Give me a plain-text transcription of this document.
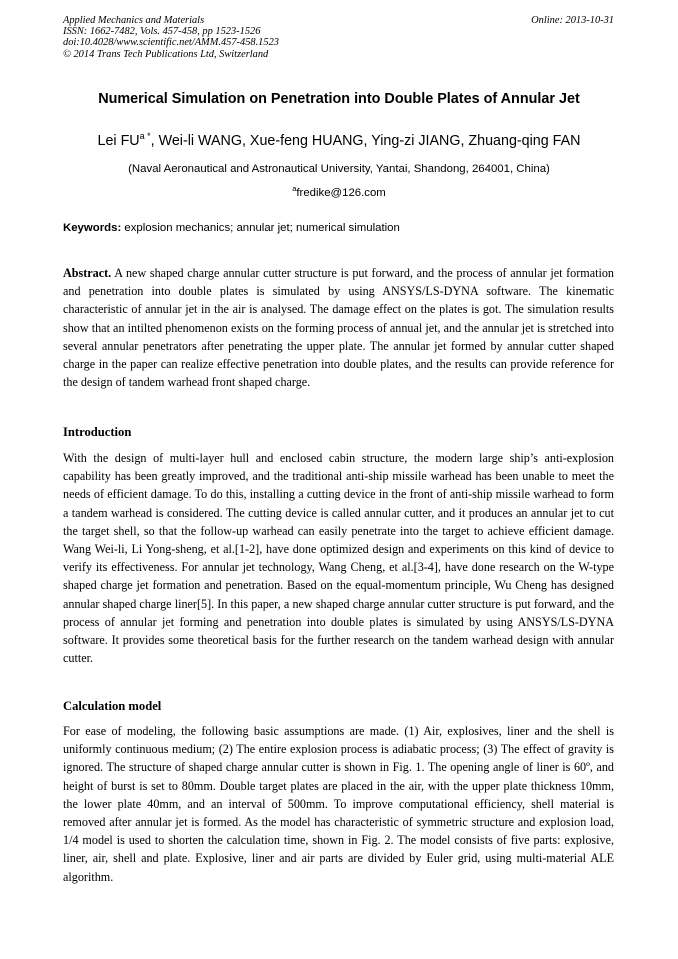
Applied Mechanics and Materials
ISSN: 1662-7482, Vols. 457-458, pp 1523-1526
doi:10.4028/www.scientific.net/AMM.457-458.1523
© 2014 Trans Tech Publications Ltd, Switzerland
Online: 2013-10-31
Numerical Simulation on Penetration into Double Plates of Annular Jet
Lei $FU^{a *}$, Wei-li WANG, Xue-feng HUANG, Ying-zi JIANG, Zhuang-qing FAN
(Naval Aeronautical and Astronautical University, Yantai, Shandong, 264001, China)
$^a$fredike@126.com
Keywords: explosion mechanics; annular jet; numerical simulation
Abstract. A new shaped charge annular cutter structure is put forward, and the process of annular jet formation and penetration into double plates is simulated by using ANSYS/LS-DYNA software. The kinematic characteristic of annular jet in the air is analysed. The damage effect on the plates is got. The simulation results show that an intilted phenomenon exists on the forming process of annual jet, and the annular jet is stretched into several annular penetrators after penetrating the upper plate. The annular jet formed by annular cutter shaped charge in the paper can realize effective penetration into double plates, and the results can provide reference for the design of tandem warhead front shaped charge.
Introduction
With the design of multi-layer hull and enclosed cabin structure, the modern large ship’s anti-explosion capability has been greatly improved, and the traditional anti-ship missile warhead has been unable to meet the needs of efficient damage. To do this, installing a cutting device in the front of anti-ship missile warhead to form a tandem warhead is considered. The cutting device is called annular cutter, and it produces an annular jet to cut the target shell, so that the follow-up warhead can easily penetrate into the target to achieve efficient damage. Wang Wei-li, Li Yong-sheng, et al.[1-2], have done optimized design and experiments on this kind of device to verify its effectiveness. For annular jet technology, Wang Cheng, et al.[3-4], have done research on the W-type shaped charge jet formation and penetration. Based on the equal-momentum principle, Wu Cheng has designed annular shaped charge liner[5]. In this paper, a new shaped charge annular cutter structure is put forward, and the process of annular jet forming and penetration into double plates is simulated by using ANSYS/LS-DYNA software. It provides some theoretical basis for the further research on the tandem warhead design with annular cutter.
Calculation model
For ease of modeling, the following basic assumptions are made. (1) Air, explosives, liner and the shell is uniformly continuous medium; (2) The entire explosion process is adiabatic process; (3) The effect of gravity is ignored. The structure of shaped charge annular cutter is shown in Fig. 1. The opening angle of liner is 60º, and height of burst is set to 80mm. Double target plates are placed in the air, with the upper plate thickness 10mm, the lower plate 40mm, and an interval of 500mm. To improve computational efficiency, shell material is removed after annular jet is formed. As the model has characteristic of symmetric structure and explosion load, 1/4 model is used to shorten the calculation time, shown in Fig. 2. The model consists of five parts: explosive, liner, air, shell and plate. Explosive, liner and air parts are divided by Euler grid, using multi-material ALE algorithm.
